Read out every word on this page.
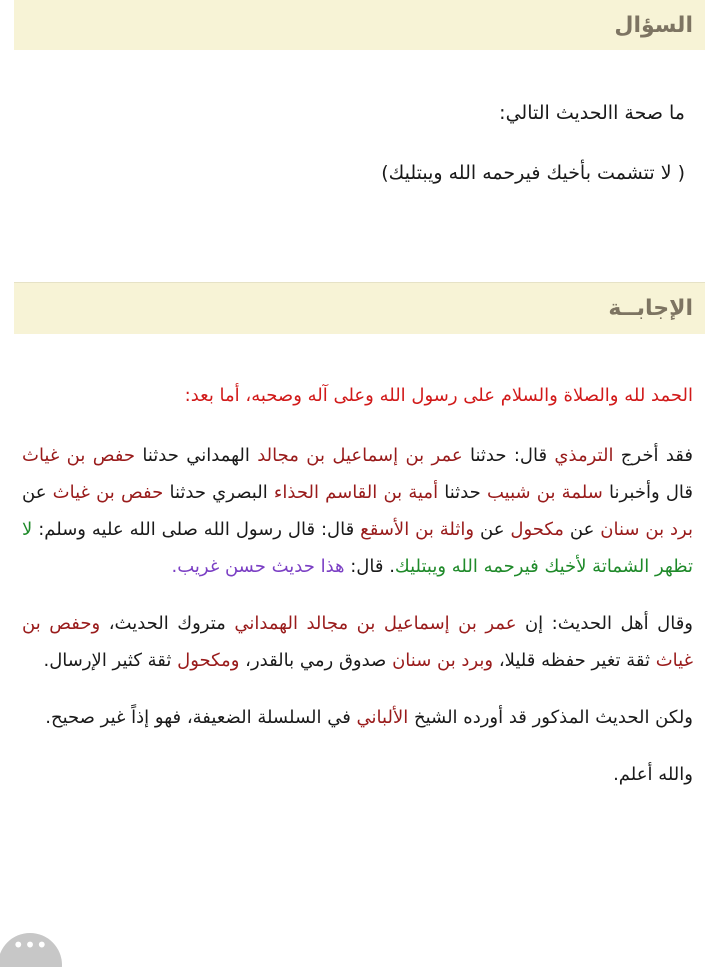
السؤال

ما صحة االحديث التالي:

( لا تتشمت بأخيك فيرحمه الله ويبتليك)

الإجابــة

الحمد لله والصلاة والسلام على رسول الله وعلى آله وصحبه، أما بعد:

فقد أخرج الترمذي قال: حدثنا عمر بن إسماعيل بن مجالد الهمداني حدثنا حفص بن غياث قال وأخبرنا سلمة بن شبيب حدثنا أمية بن القاسم الحذاء البصري حدثنا حفص بن غياث عن برد بن سنان عن مكحول عن واثلة بن الأسقع قال: قال رسول الله صلى الله عليه وسلم: لا تظهر الشماتة لأخيك فيرحمه الله ويبتليك. قال: هذا حديث حسن غريب.

وقال أهل الحديث: إن عمر بن إسماعيل بن مجالد الهمداني متروك الحديث، وحفص بن غياث ثقة تغير حفظه قليلا، وبرد بن سنان صدوق رمي بالقدر، ومكحول ثقة كثير الإرسال.

ولكن الحديث المذكور قد أورده الشيخ الألباني في السلسلة الضعيفة، فهو إذاً غير صحيح.

والله أعلم.

•••
